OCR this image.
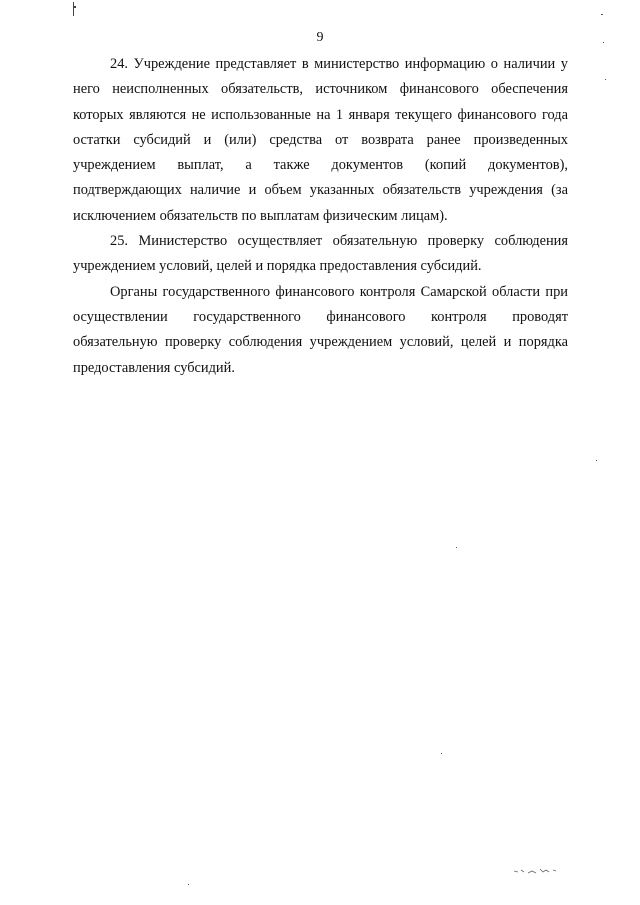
9

24. Учреждение представляет в министерство информацию о наличии у него неисполненных обязательств, источником финансового обеспечения которых являются не использованные на 1 января текущего финансового года остатки субсидий и (или) средства от возврата ранее произведенных учреждением выплат, а также документов (копий документов), подтверждающих наличие и объем указанных обязательств учреждения (за исключением обязательств по выплатам физическим лицам).

25. Министерство осуществляет обязательную проверку соблюдения учреждением условий, целей и порядка предоставления субсидий.

Органы государственного финансового контроля Самарской области при осуществлении государственного финансового контроля проводят обязательную проверку соблюдения учреждением условий, целей и порядка предоставления субсидий.
